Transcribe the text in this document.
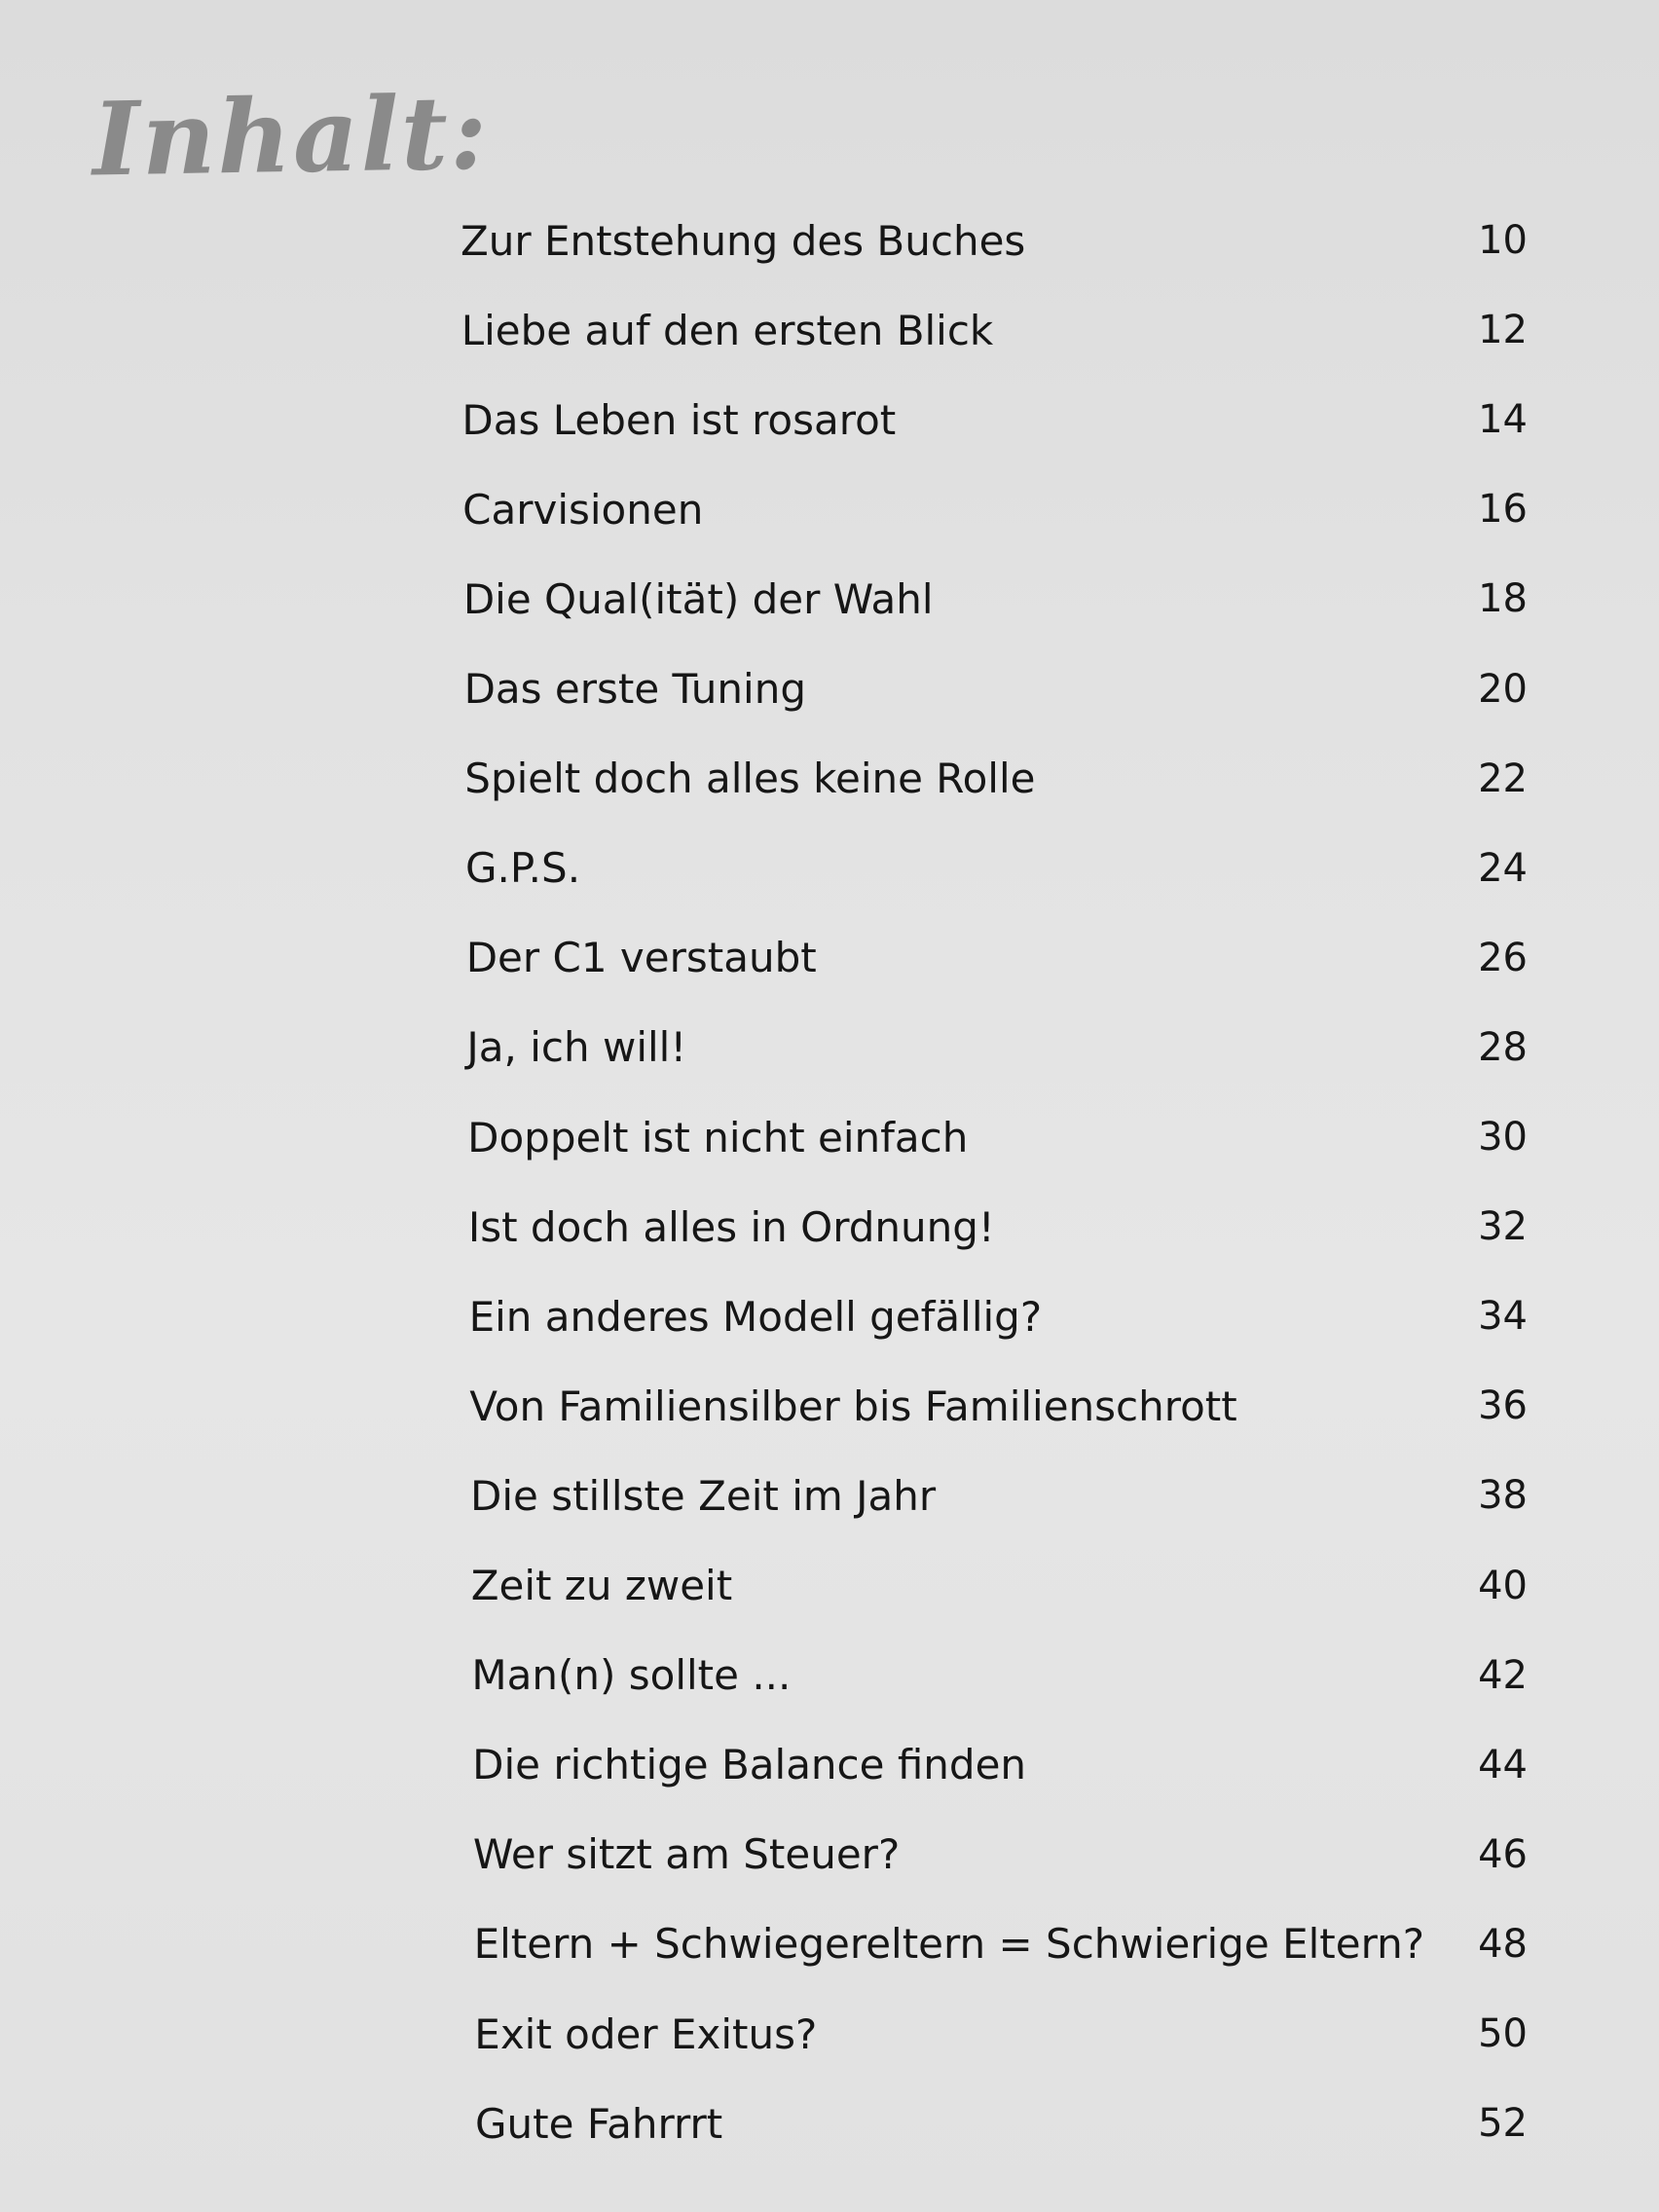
Inhalt:
Zur Entstehung des Buches	10
Liebe auf den ersten Blick	12
Das Leben ist rosarot	14
Carvisionen	16
Die Qual(ität) der Wahl	18
Das erste Tuning	20
Spielt doch alles keine Rolle	22
G.P.S.	24
Der C1 verstaubt	26
Ja, ich will!	28
Doppelt ist nicht einfach	30
Ist doch alles in Ordnung!	32
Ein anderes Modell gefällig?	34
Von Familiensilber bis Familienschrott	36
Die stillste Zeit im Jahr	38
Zeit zu zweit	40
Man(n) sollte ...	42
Die richtige Balance finden	44
Wer sitzt am Steuer?	46
Eltern + Schwiegereltern = Schwierige Eltern? 48
Exit oder Exitus?	50
Gute Fahrrrt	52
